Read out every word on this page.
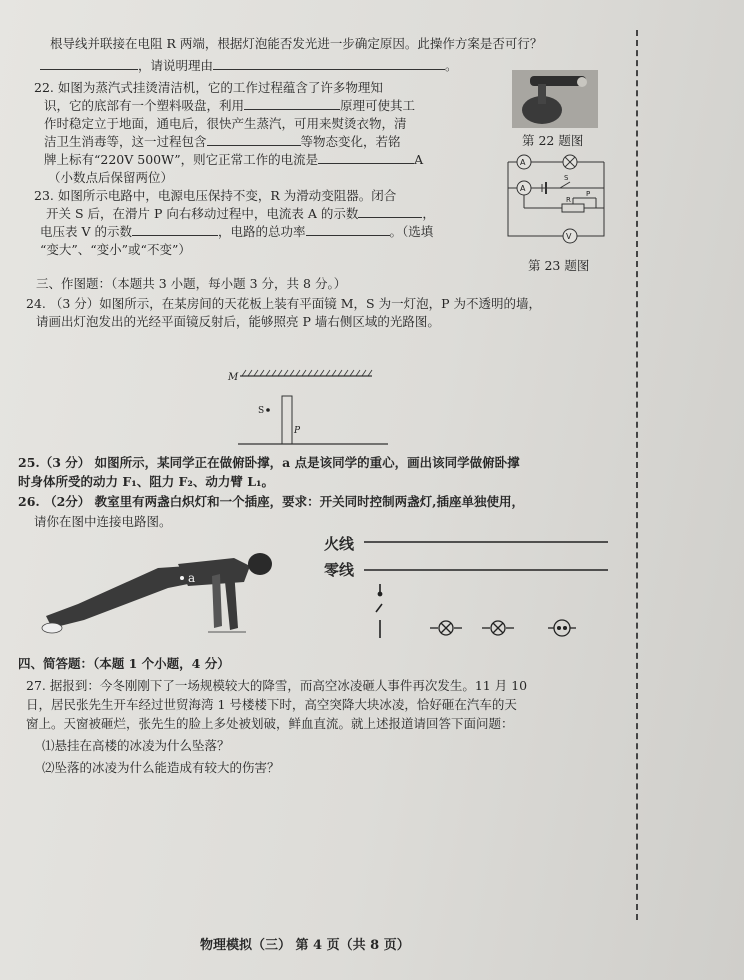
根导线并联接在电阻 R 两端，根据灯泡能否发光进一步确定原因。此操作方案是否可行？
，请说明理由	。
22. 如图为蒸汽式挂烫清洁机，它的工作过程蕴含了许多物理知
识，它的底部有一个塑料吸盘，利用	原理可使其工
作时稳定立于地面，通电后，很快产生蒸汽，可用来熨烫衣物，清
洁卫生消毒等，这一过程包含	等物态变化，若铭
牌上标有“220V 500W”，则它正常工作的电流是	A
（小数点后保留两位）
第 22 题图
23. 如图所示电路中，电源电压保持不变，R 为滑动变阻器。闭合
开关 S 后，在滑片 P 向右移动过程中，电流表 A 的示数	，
电压表 V 的示数	，电路的总功率	。（选填
“变大”、“变小”或“不变”）
A
A
V
S
R
P
第 23 题图
三、作图题：（本题共 3 小题，每小题 3 分，共 8 分。）
24. （3 分）如图所示，在某房间的天花板上装有平面镜 M，S 为一灯泡，P 为不透明的墙，
请画出灯泡发出的光经平面镜反射后，能够照亮 P 墙右侧区域的光路图。
M
S
P
25.（3 分） 如图所示，某同学正在做俯卧撑，a 点是该同学的重心，画出该同学做俯卧撑
时身体所受的动力 F₁、阻力 F₂、动力臂 L₁。
26. （2分） 教室里有两盏白炽灯和一个插座，要求：开关同时控制两盏灯,插座单独使用，
请你在图中连接电路图。
a
火线
零线
四、简答题：（本题 1 个小题，4 分）
27. 据报到：今冬刚刚下了一场规模较大的降雪，而高空冰凌砸人事件再次发生。11 月 10
日，居民张先生开车经过世贸海湾 1 号楼楼下时，高空突降大块冰凌，恰好砸在汽车的天
窗上。天窗被砸烂，张先生的脸上多处被划破，鲜血直流。就上述报道请回答下面问题：
⑴悬挂在高楼的冰凌为什么坠落？
⑵坠落的冰凌为什么能造成有较大的伤害？
物理模拟（三） 第 4 页（共 8 页）
